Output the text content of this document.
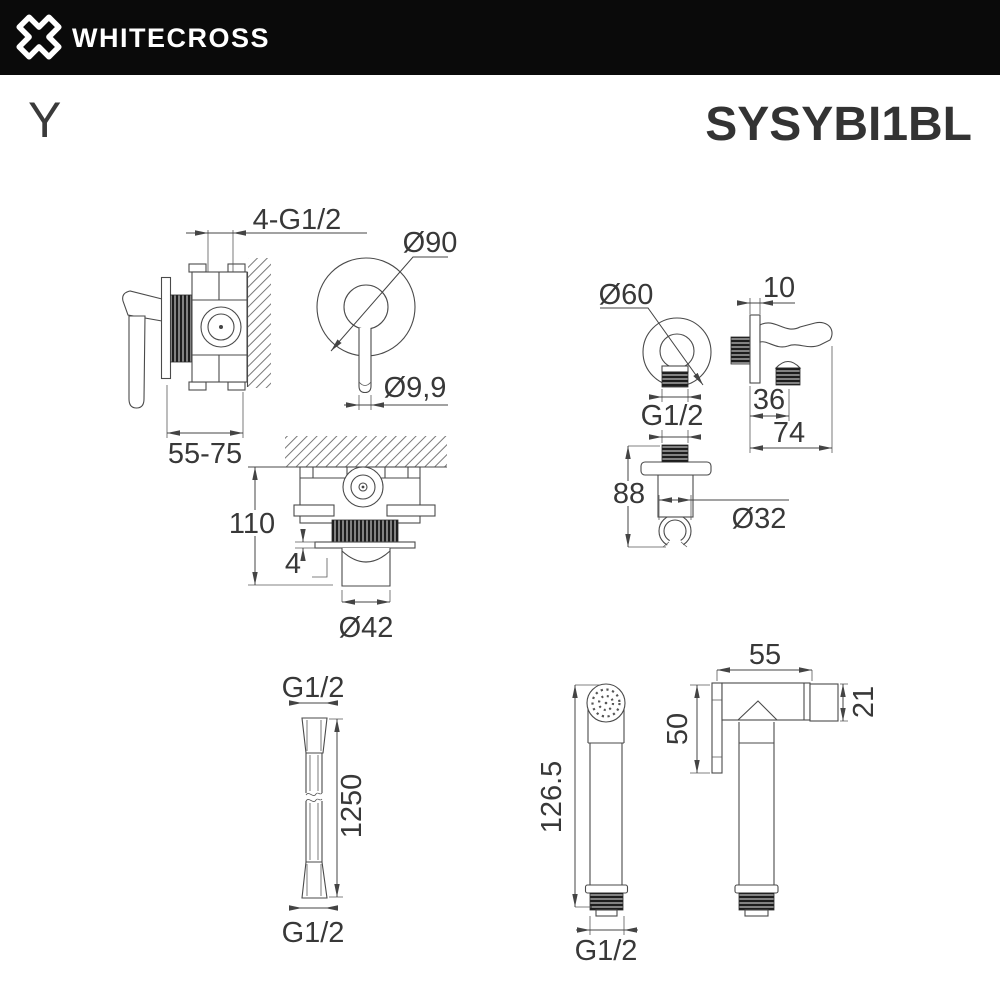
WHITECROSS
Y	SYSYBI1BL
4-G1/2
55-75
Ø90
Ø9,9
110
4
Ø42
Ø60
G1/2
10
36
74
88
Ø32
G1/2
G1/2
1250	126.5
G1/2
55
50
21
